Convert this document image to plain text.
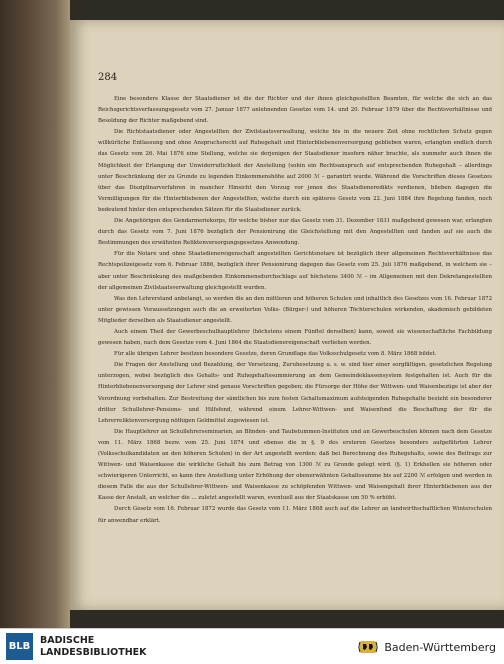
284

Eine besondere Klasse der Staatsdiener ist die der Richter und der ihnen gleichgestellten Beamten, für welche die sich an das Reichsgerichtsverfassungsgesetz vom 27. Januar 1877 anlehnenden Gesetze vom 14. und 20. Februar 1879 über die Rechtsverhältnisse und Besoldung der Richter maßgebend sind.

Die Richtstaatsdiener oder Angestellten der Zivilstaatsverwaltung, welche bis in die neuere Zeit ohne rechtlichen Schutz gegen willkürliche Entlassung und ohne Anspruchsrecht auf Ruhegehalt und Hinterbliebenenversorgung geblieben waren, erlangten endlich durch das Gesetz vom 26. Mai 1876 eine Stellung, welche sie derjenigen der Staatsdiener insofern näher brachte, als nunmehr auch ihnen die Möglichkeit der Erlangung der Unwiderruflichkeit der Anstellung (sohin ein Rechtsanspruch auf entsprechenden Ruhegehalt – allerdings unter Beschränkung der zu Grunde zu legenden Einkommenshöhe auf 2000 ℳ – garantirt wurde. Während die Vorschriften dieses Gesetzes über das Disziplinarverfahren in mancher Hinsicht den Vorzug vor jenen des Staatsdieneredikts verdienen, blieben dagegen die Vermilligungen für die Hinterbliebenen der Angestellten, welche durch ein späteres Gesetz vom 22. Juni 1884 ihre Regelung fanden, noch bedeutend hinter den entsprechenden Sätzen für die Staatsdiener zurück.

Die Angehörigen des Gendarmeriekorps, für welche bisher nur das Gesetz vom 31. Dezember 1831 maßgebend gewesen war, erlangten durch das Gesetz vom 7. Juni 1876 bezüglich der Pensionirung die Gleichstellung mit den Angestellten und fanden auf sie auch die Bestimmungen des erwähnten Reliktenversorgungsgesetzes Anwendung.

Für die Notare und ohne Staatsdienereigenschaft angestellten Gerichtsnotare ist bezüglich ihrer allgemeinen Rechtsverhältnisse das Rechtspolizeigesetz vom 6. Februar 1886, bezüglich ihrer Pensionirung dagegen das Gesetz vom 25. Juli 1876 maßgebend, in welchem sie – aber unter Beschränkung des maßgebenden Einkommensdurchschlags auf höchstens 3400 ℳ – im Allgemeinen mit den Dekretangestellten der allgemeinen Zivilstaatsverwaltung gleichgestellt wurden.

Was den Lehrerstand anbelangt, so werden die an den mittleren und höheren Schulen und inhaltlich des Gesetzes vom 16. Februar 1872 unter gewissen Voraussetzungen auch die an erweiterten Volks- (Bürger-) und höheren Töchterschulen wirkenden, akademisch gebildeten Mitglieder derselben als Staatsdiener angestellt.

Auch einem Theil der Gewerbeschulhauptlehrer (höchstens einem Fünftel derselben) kann, soweit sie wissenschaftliche Fachbildung gewesen haben, nach dem Gesetze vom 4. Juni 1864 die Staatsdienereigenschaft verliehen werden.

Für alle übrigen Lehrer besitzen besondere Gesetze, deren Grundlage das Volksschulgesetz vom 8. März 1868 bildet.

Die Fragen der Anstellung und Bezahlung, der Versetzung, Zuruhesetzung u. s. w. sind hier einer sorgfältigen, gesetzlichen Regelung unterzogen, wobei bezüglich des Gehalts- und Ruhegehaltssummierung an dem Gemeindeklassensystem festgehalten ist. Auch für die Hinterbliebenenversorgung der Lehrer sind genaue Vorschriften gegeben; die Fürsorge der Höhe der Wittwen- und Waisenbezüge ist aber der Verordnung vorbehalten. Zur Bestreitung der sämtlichen bis zum festen Gehaltsmaximum aufsteigenden Ruhegehalte besteht ein besonderer dritter Schullehrer-Pensions- und Hilfsfond, während einem Lehrer-Wittwen- und Waisenfond die Beschaffung der für die Lehrerreliktenversorgung nöthigen Geldmittel zugewiesen ist.

Die Hauptlehrer an Schullehrerseminarien, an Blinden- und Taubstummen-Instituten und an Gewerbeschulen können nach dem Gesetze vom 11. März 1868 bezw. vom 25. Juni 1874 und ebenso die in §. 9 des ersteren Gesetzes besonders aufgeführten Lehrer (Volksschulkandidaten an den höheren Schulen) in der Art angestellt werden: daß bei Berechnung des Ruhegehalts, sowie des Beitrags zur Wittwen- und Waisenkasse die wirkliche Gehalt bis zum Betrag von 1300 ℳ zu Grunde gelegt wird. (§. 1) Erkhellen sie höheren oder schwierigeren Unterricht, so kann ihre Anstellung unter Erhöhung der obenerwähnten Gehaltssumme bis auf 2200 ℳ erfolgen und werden in diesem Falle die aus der Schullehrer-Wittwen- und Waisenkasse zu schöpfenden Wittwen- und Waisengehalt ihrer Hinterbliebenen aus der Kasse der Anstalt, an welcher die ... zuletzt angestellt waren, eventuell aus der Staatskasse um 50 % erhöht.

Durch Gesetz vom 16. Februar 1872 wurde das Gesetz vom 11. März 1868 auch auf die Lehrer an landwirthschaftlichen Winterschulen für anwendbar erklärt.

BLB
BADISCHE
LANDESBIBLIOTHEK	Baden-Württemberg
